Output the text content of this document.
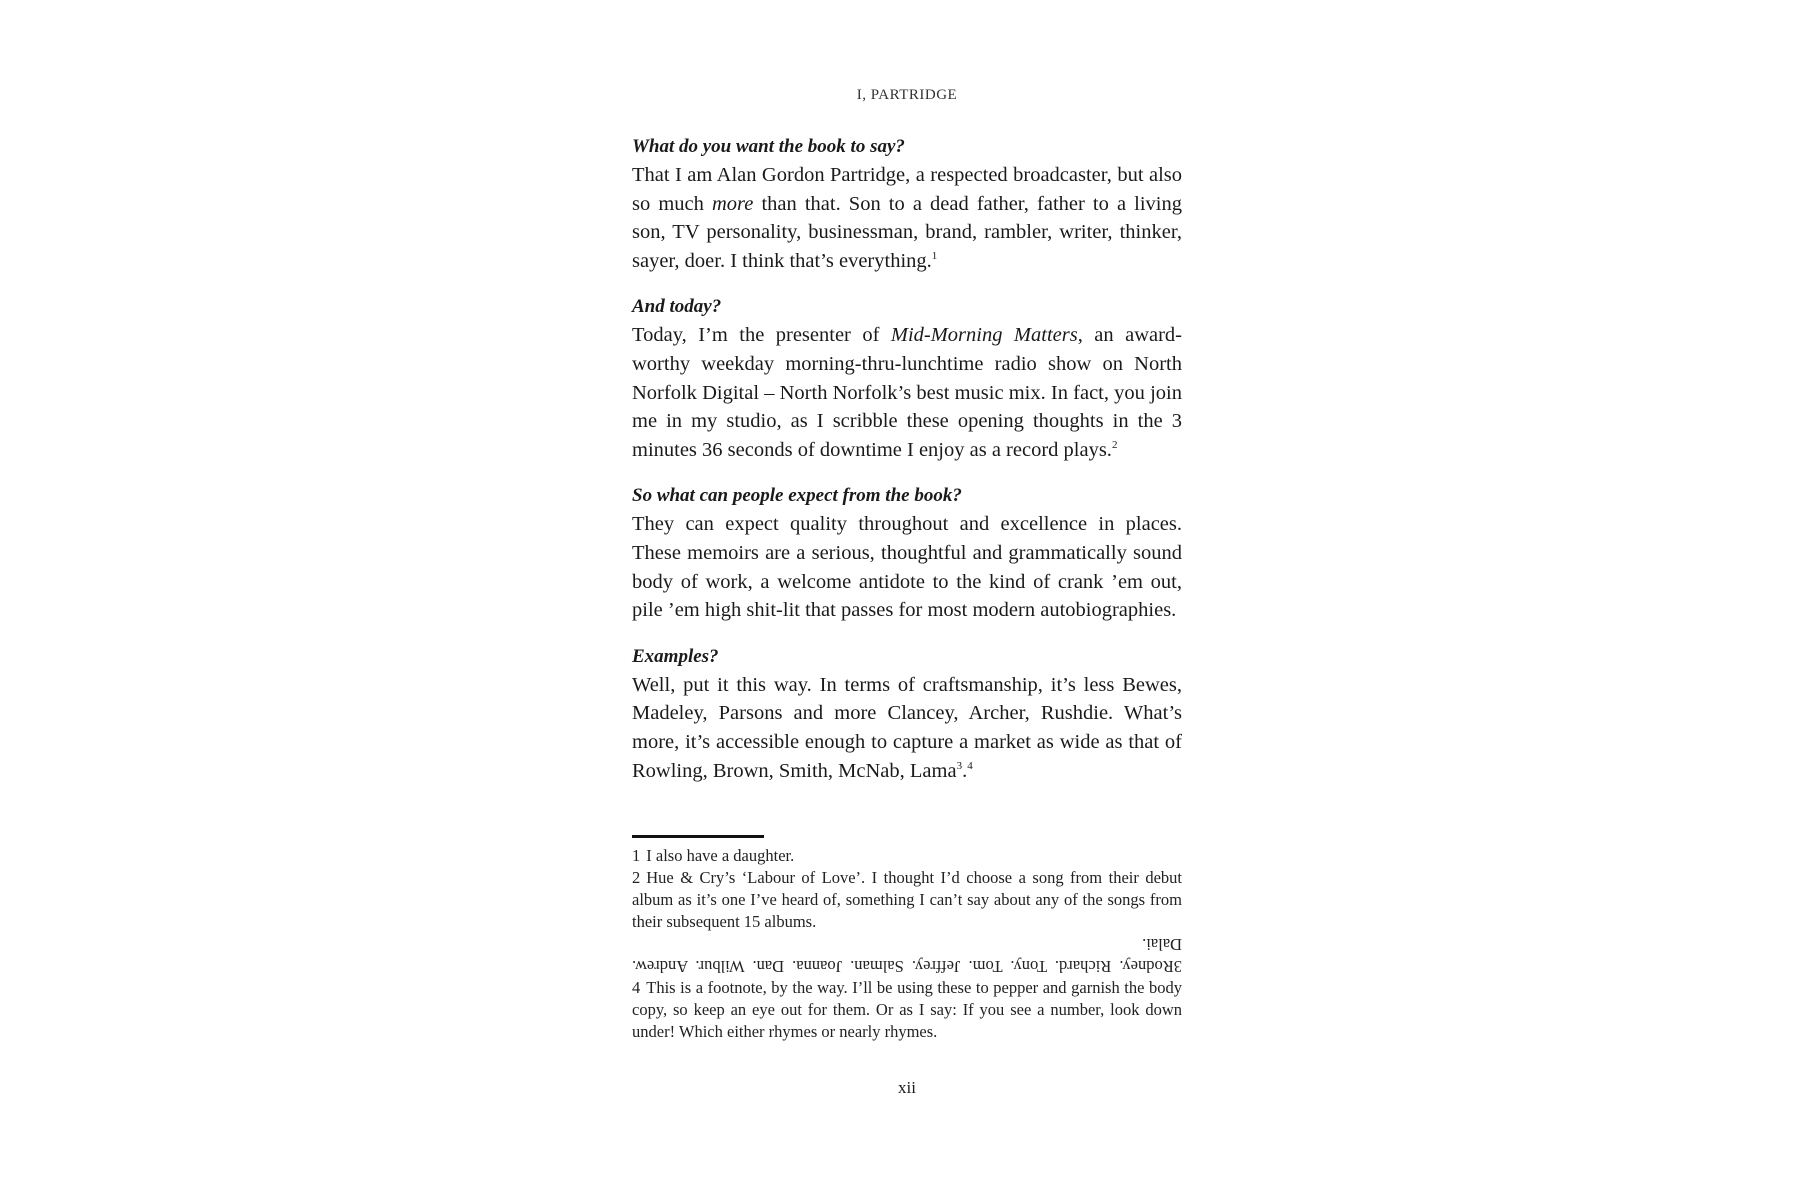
I, PARTRIDGE

What do you want the book to say?

That I am Alan Gordon Partridge, a respected broadcaster, but also so much more than that. Son to a dead father, father to a living son, TV personality, businessman, brand, rambler, writer, thinker, sayer, doer. I think that’s everything.$^1$

And today?

Today, I’m the presenter of Mid-Morning Matters, an award-worthy weekday morning-thru-lunchtime radio show on North Norfolk Digital – North Norfolk’s best music mix. In fact, you join me in my studio, as I scribble these opening thoughts in the 3 minutes 36 seconds of downtime I enjoy as a record plays.$^2$

So what can people expect from the book?

They can expect quality throughout and excellence in places. These memoirs are a serious, thoughtful and grammatically sound body of work, a welcome antidote to the kind of crank ’em out, pile ’em high shit-lit that passes for most modern autobiographies.

Examples?

Well, put it this way. In terms of craftsmanship, it’s less Bewes, Madeley, Parsons and more Clancey, Archer, Rushdie. What’s more, it’s accessible enough to capture a market as wide as that of Rowling, Brown, Smith, McNab, Lama$^3$.$^4$

1 I also have a daughter.

2 Hue & Cry’s ‘Labour of Love’. I thought I’d choose a song from their debut album as it’s one I’ve heard of, something I can’t say about any of the songs from their subsequent 15 albums.

3Rodney. Richard. Tony. Tom. Jeffrey. Salman. Joanna. Dan. Wilbur. Andrew. Dalai.

4 This is a footnote, by the way. I’ll be using these to pepper and garnish the body copy, so keep an eye out for them. Or as I say: If you see a number, look down under! Which either rhymes or nearly rhymes.

xii
